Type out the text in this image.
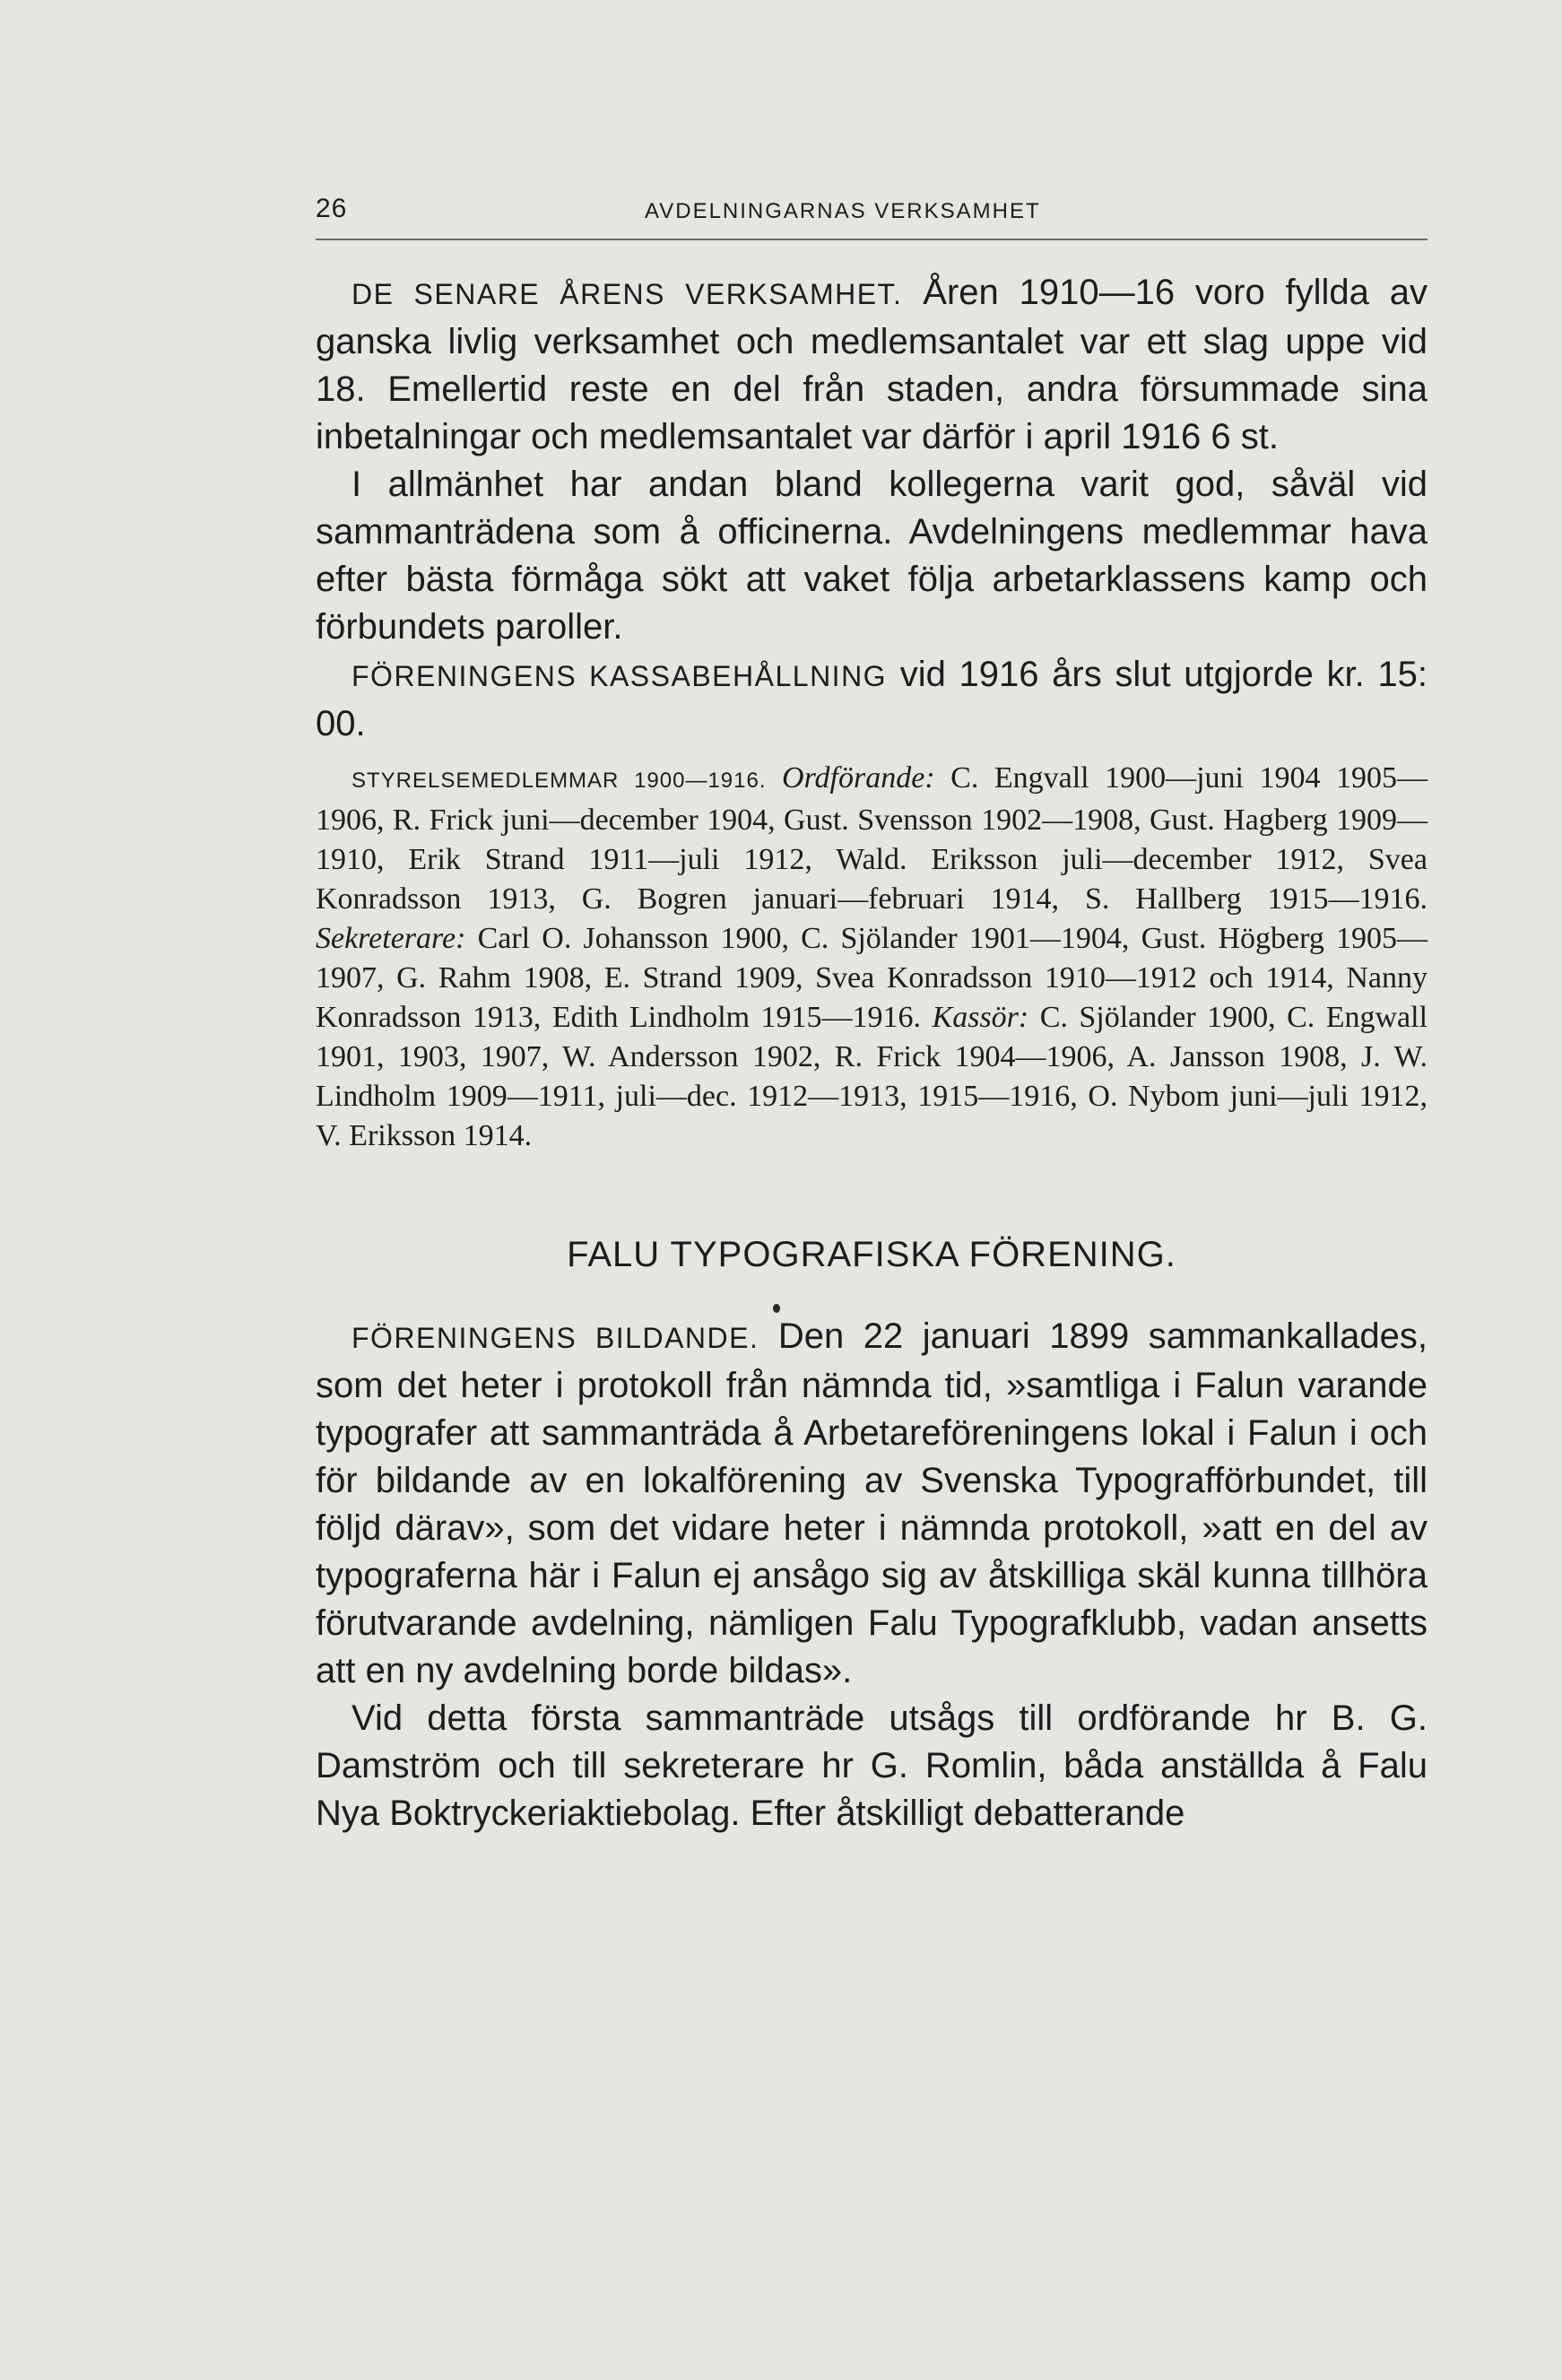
26	AVDELNINGARNAS VERKSAMHET

DE SENARE ÅRENS VERKSAMHET. Åren 1910—16 voro fyllda av ganska livlig verksamhet och medlemsantalet var ett slag uppe vid 18. Emellertid reste en del från staden, andra försummade sina inbetalningar och medlemsantalet var därför i april 1916 6 st.

I allmänhet har andan bland kollegerna varit god, såväl vid sammanträdena som å officinerna. Avdelningens medlemmar hava efter bästa förmåga sökt att vaket följa arbetarklassens kamp och förbundets paroller.

FÖRENINGENS KASSABEHÅLLNING vid 1916 års slut utgjorde kr. 15: 00.

STYRELSEMEDLEMMAR 1900—1916. Ordförande: C. Engvall 1900—juni 1904 1905—1906, R. Frick juni—december 1904, Gust. Svensson 1902—1908, Gust. Hagberg 1909—1910, Erik Strand 1911—juli 1912, Wald. Eriksson juli—december 1912, Svea Konradsson 1913, G. Bogren januari—februari 1914, S. Hallberg 1915—1916. Sekreterare: Carl O. Johansson 1900, C. Sjölander 1901—1904, Gust. Högberg 1905—1907, G. Rahm 1908, E. Strand 1909, Svea Konradsson 1910—1912 och 1914, Nanny Konradsson 1913, Edith Lindholm 1915—1916. Kassör: C. Sjölander 1900, C. Engwall 1901, 1903, 1907, W. Andersson 1902, R. Frick 1904—1906, A. Jansson 1908, J. W. Lindholm 1909—1911, juli—dec. 1912—1913, 1915—1916, O. Nybom juni—juli 1912, V. Eriksson 1914.

FALU TYPOGRAFISKA FÖRENING.

FÖRENINGENS BILDANDE. Den 22 januari 1899 sammankallades, som det heter i protokoll från nämnda tid, »samtliga i Falun varande typografer att sammanträda å Arbetareföreningens lokal i Falun i och för bildande av en lokalförening av Svenska Typografförbundet, till följd därav», som det vidare heter i nämnda protokoll, »att en del av typograferna här i Falun ej ansågo sig av åtskilliga skäl kunna tillhöra förutvarande avdelning, nämligen Falu Typografklubb, vadan ansetts att en ny avdelning borde bildas».

Vid detta första sammanträde utsågs till ordförande hr B. G. Damström och till sekreterare hr G. Romlin, båda anställda å Falu Nya Boktryckeriaktiebolag. Efter åtskilligt debatterande
